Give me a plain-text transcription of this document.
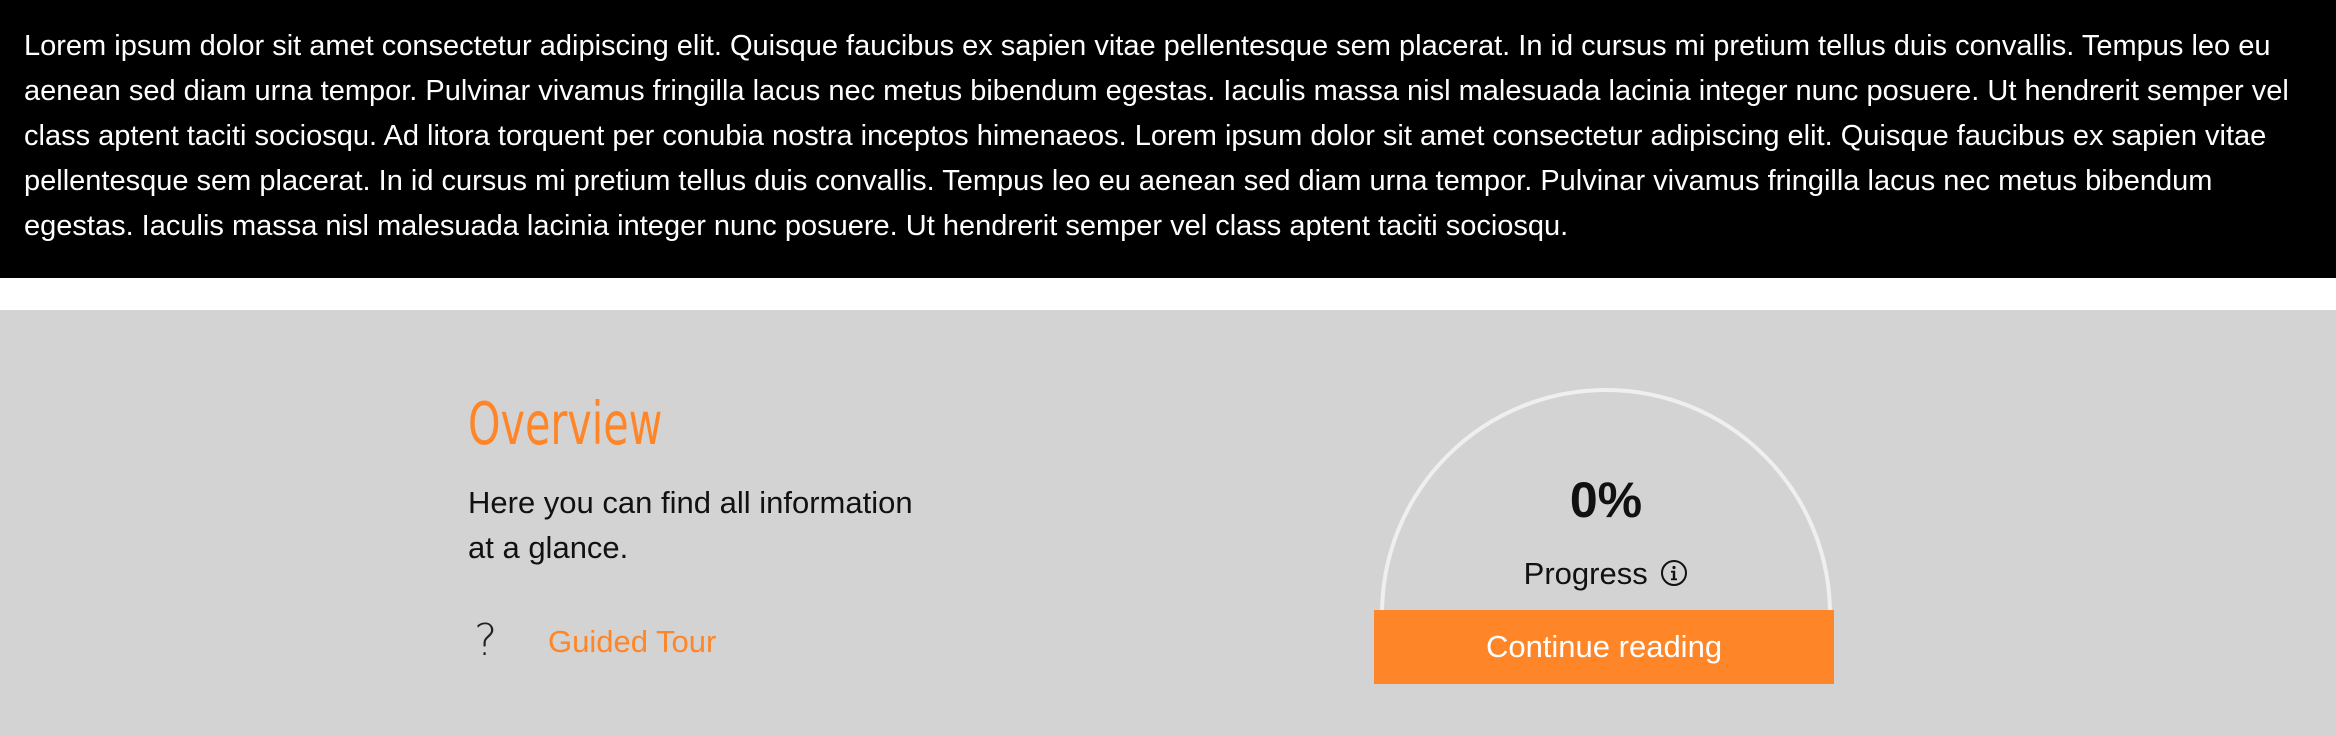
Lorem ipsum dolor sit amet consectetur adipiscing elit. Quisque faucibus ex sapien vitae pellentesque sem placerat. In id cursus mi pretium tellus duis convallis. Tempus leo eu aenean sed diam urna tempor. Pulvinar vivamus fringilla lacus nec metus bibendum egestas. Iaculis massa nisl malesuada lacinia integer nunc posuere. Ut hendrerit semper vel class aptent taciti sociosqu. Ad litora torquent per conubia nostra inceptos himenaeos. Lorem ipsum dolor sit amet consectetur adipiscing elit. Quisque faucibus ex sapien vitae pellentesque sem placerat. In id cursus mi pretium tellus duis convallis. Tempus leo eu aenean sed diam urna tempor. Pulvinar vivamus fringilla lacus nec metus bibendum egestas. Iaculis massa nisl malesuada lacinia integer nunc posuere. Ut hendrerit semper vel class aptent taciti sociosqu.
Overview

Here you can find all information at a glance.

? Guided Tour
0%
Progress
Continue reading
